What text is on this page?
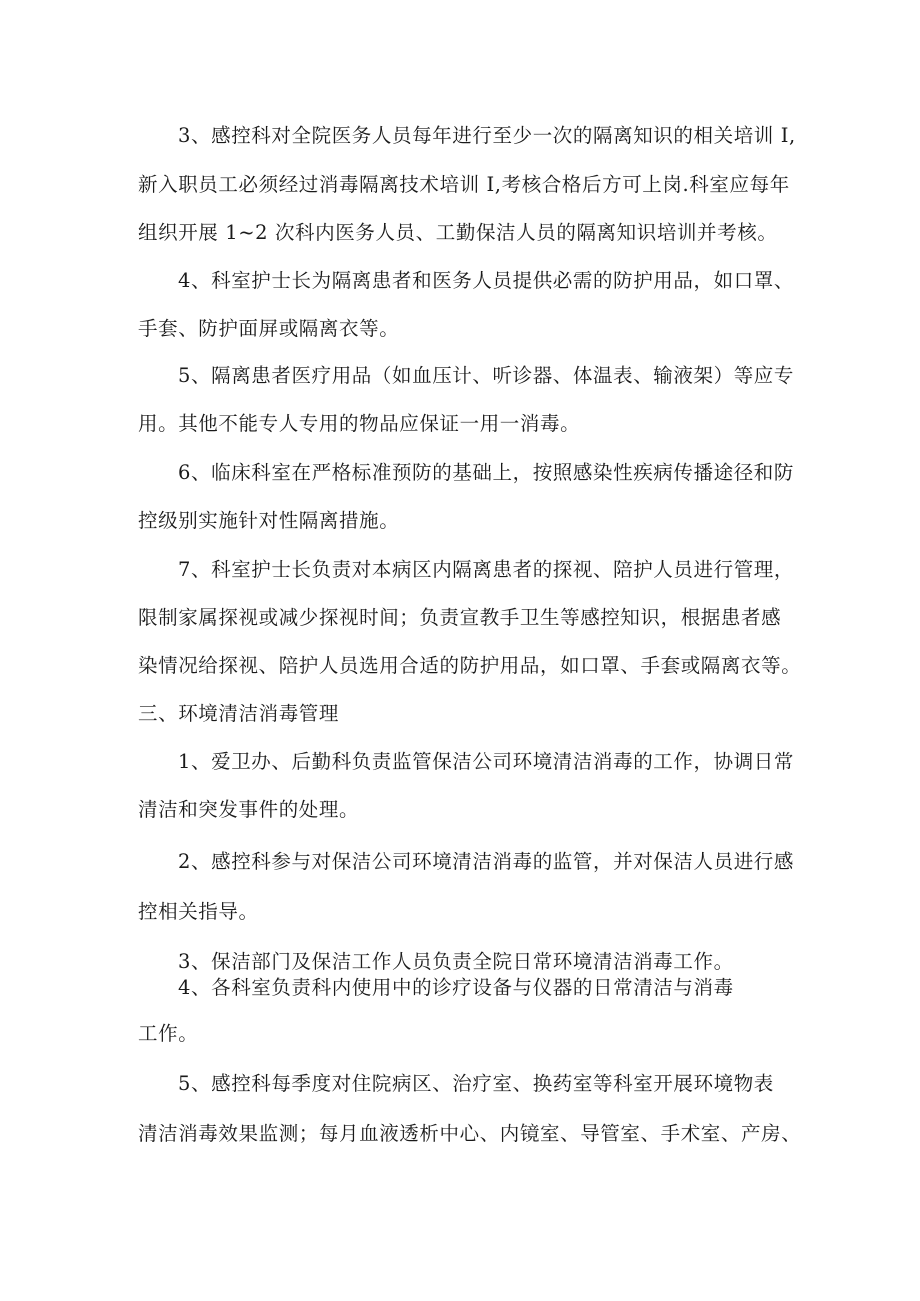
3、感控科对全院医务人员每年进行至少一次的隔离知识的相关培训 I,
新入职员工必须经过消毒隔离技术培训 I,考核合格后方可上岗.科室应每年
组织开展 1~2 次科内医务人员、工勤保洁人员的隔离知识培训并考核。
4、科室护士长为隔离患者和医务人员提供必需的防护用品，如口罩、
手套、防护面屏或隔离衣等。
5、隔离患者医疗用品（如血压计、听诊器、体温表、输液架）等应专
用。其他不能专人专用的物品应保证一用一消毒。
6、临床科室在严格标准预防的基础上，按照感染性疾病传播途径和防
控级别实施针对性隔离措施。
7、科室护士长负责对本病区内隔离患者的探视、陪护人员进行管理，
限制家属探视或减少探视时间；负责宣教手卫生等感控知识，根据患者感
染情况给探视、陪护人员选用合适的防护用品，如口罩、手套或隔离衣等。
三、环境清洁消毒管理
1、爱卫办、后勤科负责监管保洁公司环境清洁消毒的工作，协调日常
清洁和突发事件的处理。
2、感控科参与对保洁公司环境清洁消毒的监管，并对保洁人员进行感
控相关指导。
3、保洁部门及保洁工作人员负责全院日常环境清洁消毒工作。
4、各科室负责科内使用中的诊疗设备与仪器的日常清洁与消毒
工作。
5、感控科每季度对住院病区、治疗室、换药室等科室开展环境物表
清洁消毒效果监测；每月血液透析中心、内镜室、导管室、手术室、产房、
